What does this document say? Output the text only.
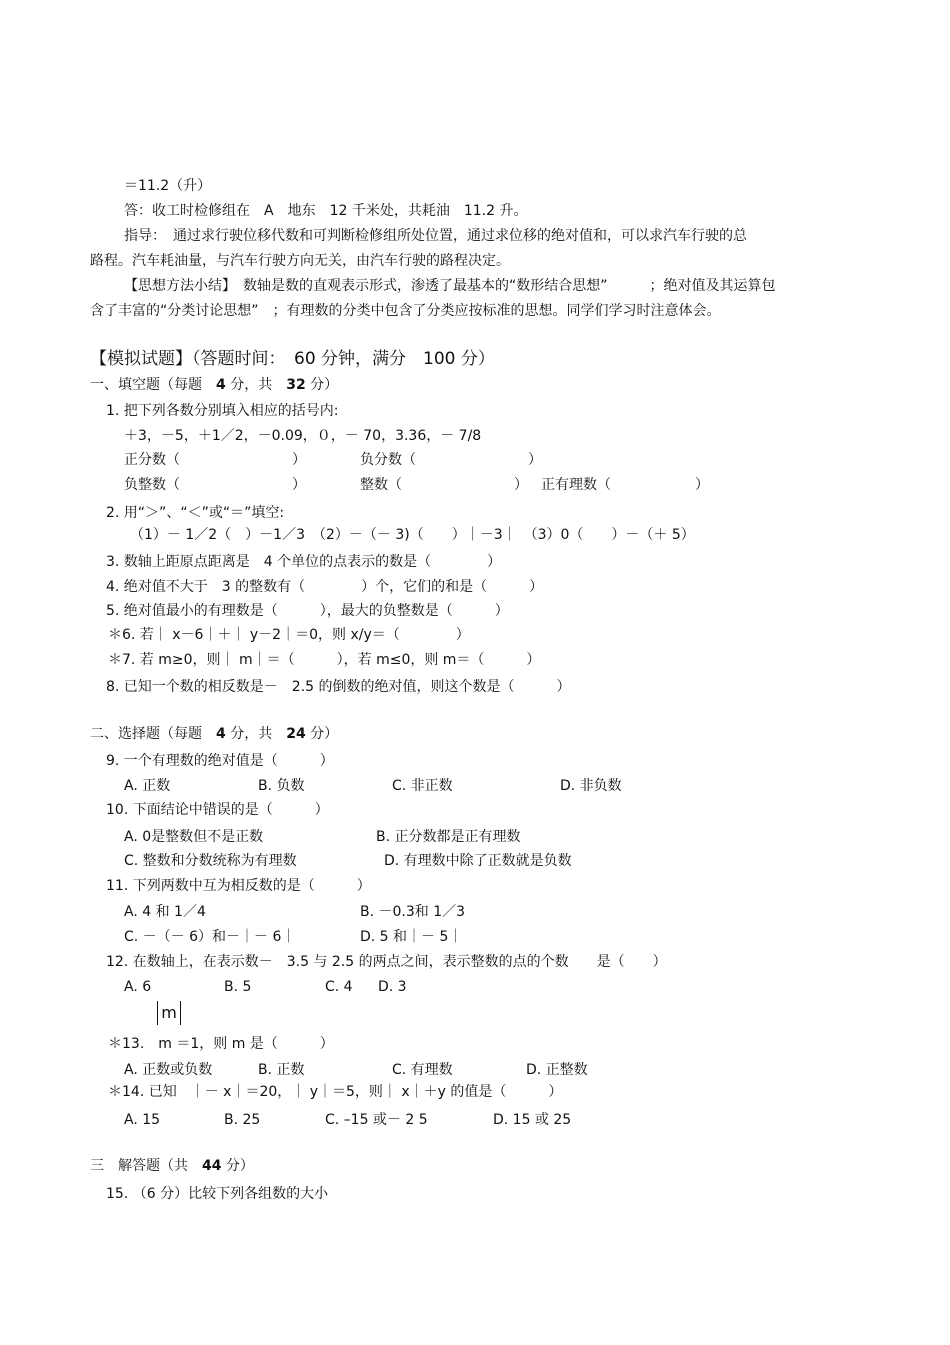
＝11.2（升）
答：收工时检修组在　A　地东　12 千米处，共耗油　11.2 升。
指导：　通过求行驶位移代数和可判断检修组所处位置，通过求位移的绝对值和，可以求汽车行驶的总
路程。汽车耗油量，与汽车行驶方向无关，由汽车行驶的路程决定。
【思想方法小结】　数轴是数的直观表示形式，渗透了最基本的“数形结合思想”　　　；绝对值及其运算包
含了丰富的“分类讨论思想”　；有理数的分类中包含了分类应按标准的思想。同学们学习时注意体会。
【模拟试题】（答题时间：　60 分钟，满分　100 分）
一、填空题（每题　4 分，共　32 分）
1. 把下列各数分别填入相应的括号内:
＋3，－5，＋1／2，－0.09，０，－ 70，3.36，－ 7/8
正分数（　　　　　　　　）	负分数（　　　　　　　　）
负整数（　　　　　　　　）	整数（　　　　　　　　） 正有理数（　　　　　　）
2. 用“＞”、“＜”或“＝”填空:
（1）－ 1／2（　）－1／3　（2）－（－ 3)（　　）｜－3｜　（3）0（　　）－（＋ 5）
3. 数轴上距原点距离是　4 个单位的点表示的数是（　　　　）
4. 绝对值不大于　3 的整数有（　　　　）个，它们的和是（　　　）
5. 绝对值最小的有理数是（　　　），最大的负整数是（　　　）
＊6. 若｜ x－6｜＋｜ y－2｜＝0，则 x/y＝（　　　　）
＊7. 若 m≥0，则｜ m｜＝（　　　），若 m≤0，则 m＝（　　　）
8. 已知一个数的相反数是－　2.5 的倒数的绝对值，则这个数是（　　　）
二、选择题（每题　4 分，共　24 分）
9. 一个有理数的绝对值是（　　　）
A. 正数	B. 负数	C. 非正数	D. 非负数
10. 下面结论中错误的是（　　　）
A. 0是整数但不是正数	B. 正分数都是正有理数
C. 整数和分数统称为有理数	D. 有理数中除了正数就是负数
11. 下列两数中互为相反数的是（　　　）
A. 4 和 1／4	B. －0.3和 1／3
C. －（－ 6）和－｜－ 6｜	D. 5 和｜－ 5｜
12. 在数轴上，在表示数－　3.5 与 2.5 的两点之间，表示整数的点的个数　　是（　　）
A. 6	B. 5	C. 4 D. 3
m
＊13.　m ＝1，则 m 是（　　　）
A. 正数或负数	B. 正数	C. 有理数	D. 正整数
＊14. 已知　｜－ x｜＝20，｜ y｜＝5，则｜ x｜＋y 的值是（　　　）
A. 15	B. 25	C. –15 或－ 2 5	D. 15 或 25
三　解答题（共　44 分）
15. （6 分）比较下列各组数的大小
